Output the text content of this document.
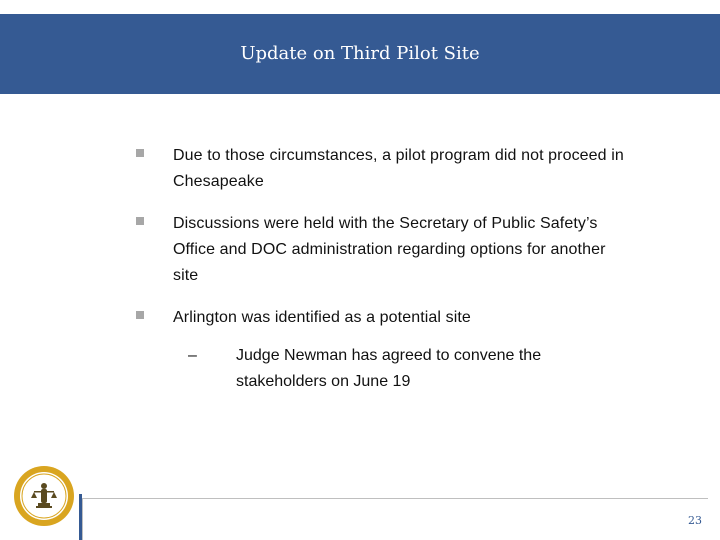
Update on Third Pilot Site
Due to those circumstances, a pilot program did not proceed in Chesapeake
Discussions were held with the Secretary of Public Safety’s Office and DOC administration regarding options for another site
Arlington was identified as a potential site
–	Judge Newman has agreed to convene the stakeholders on June 19
23
